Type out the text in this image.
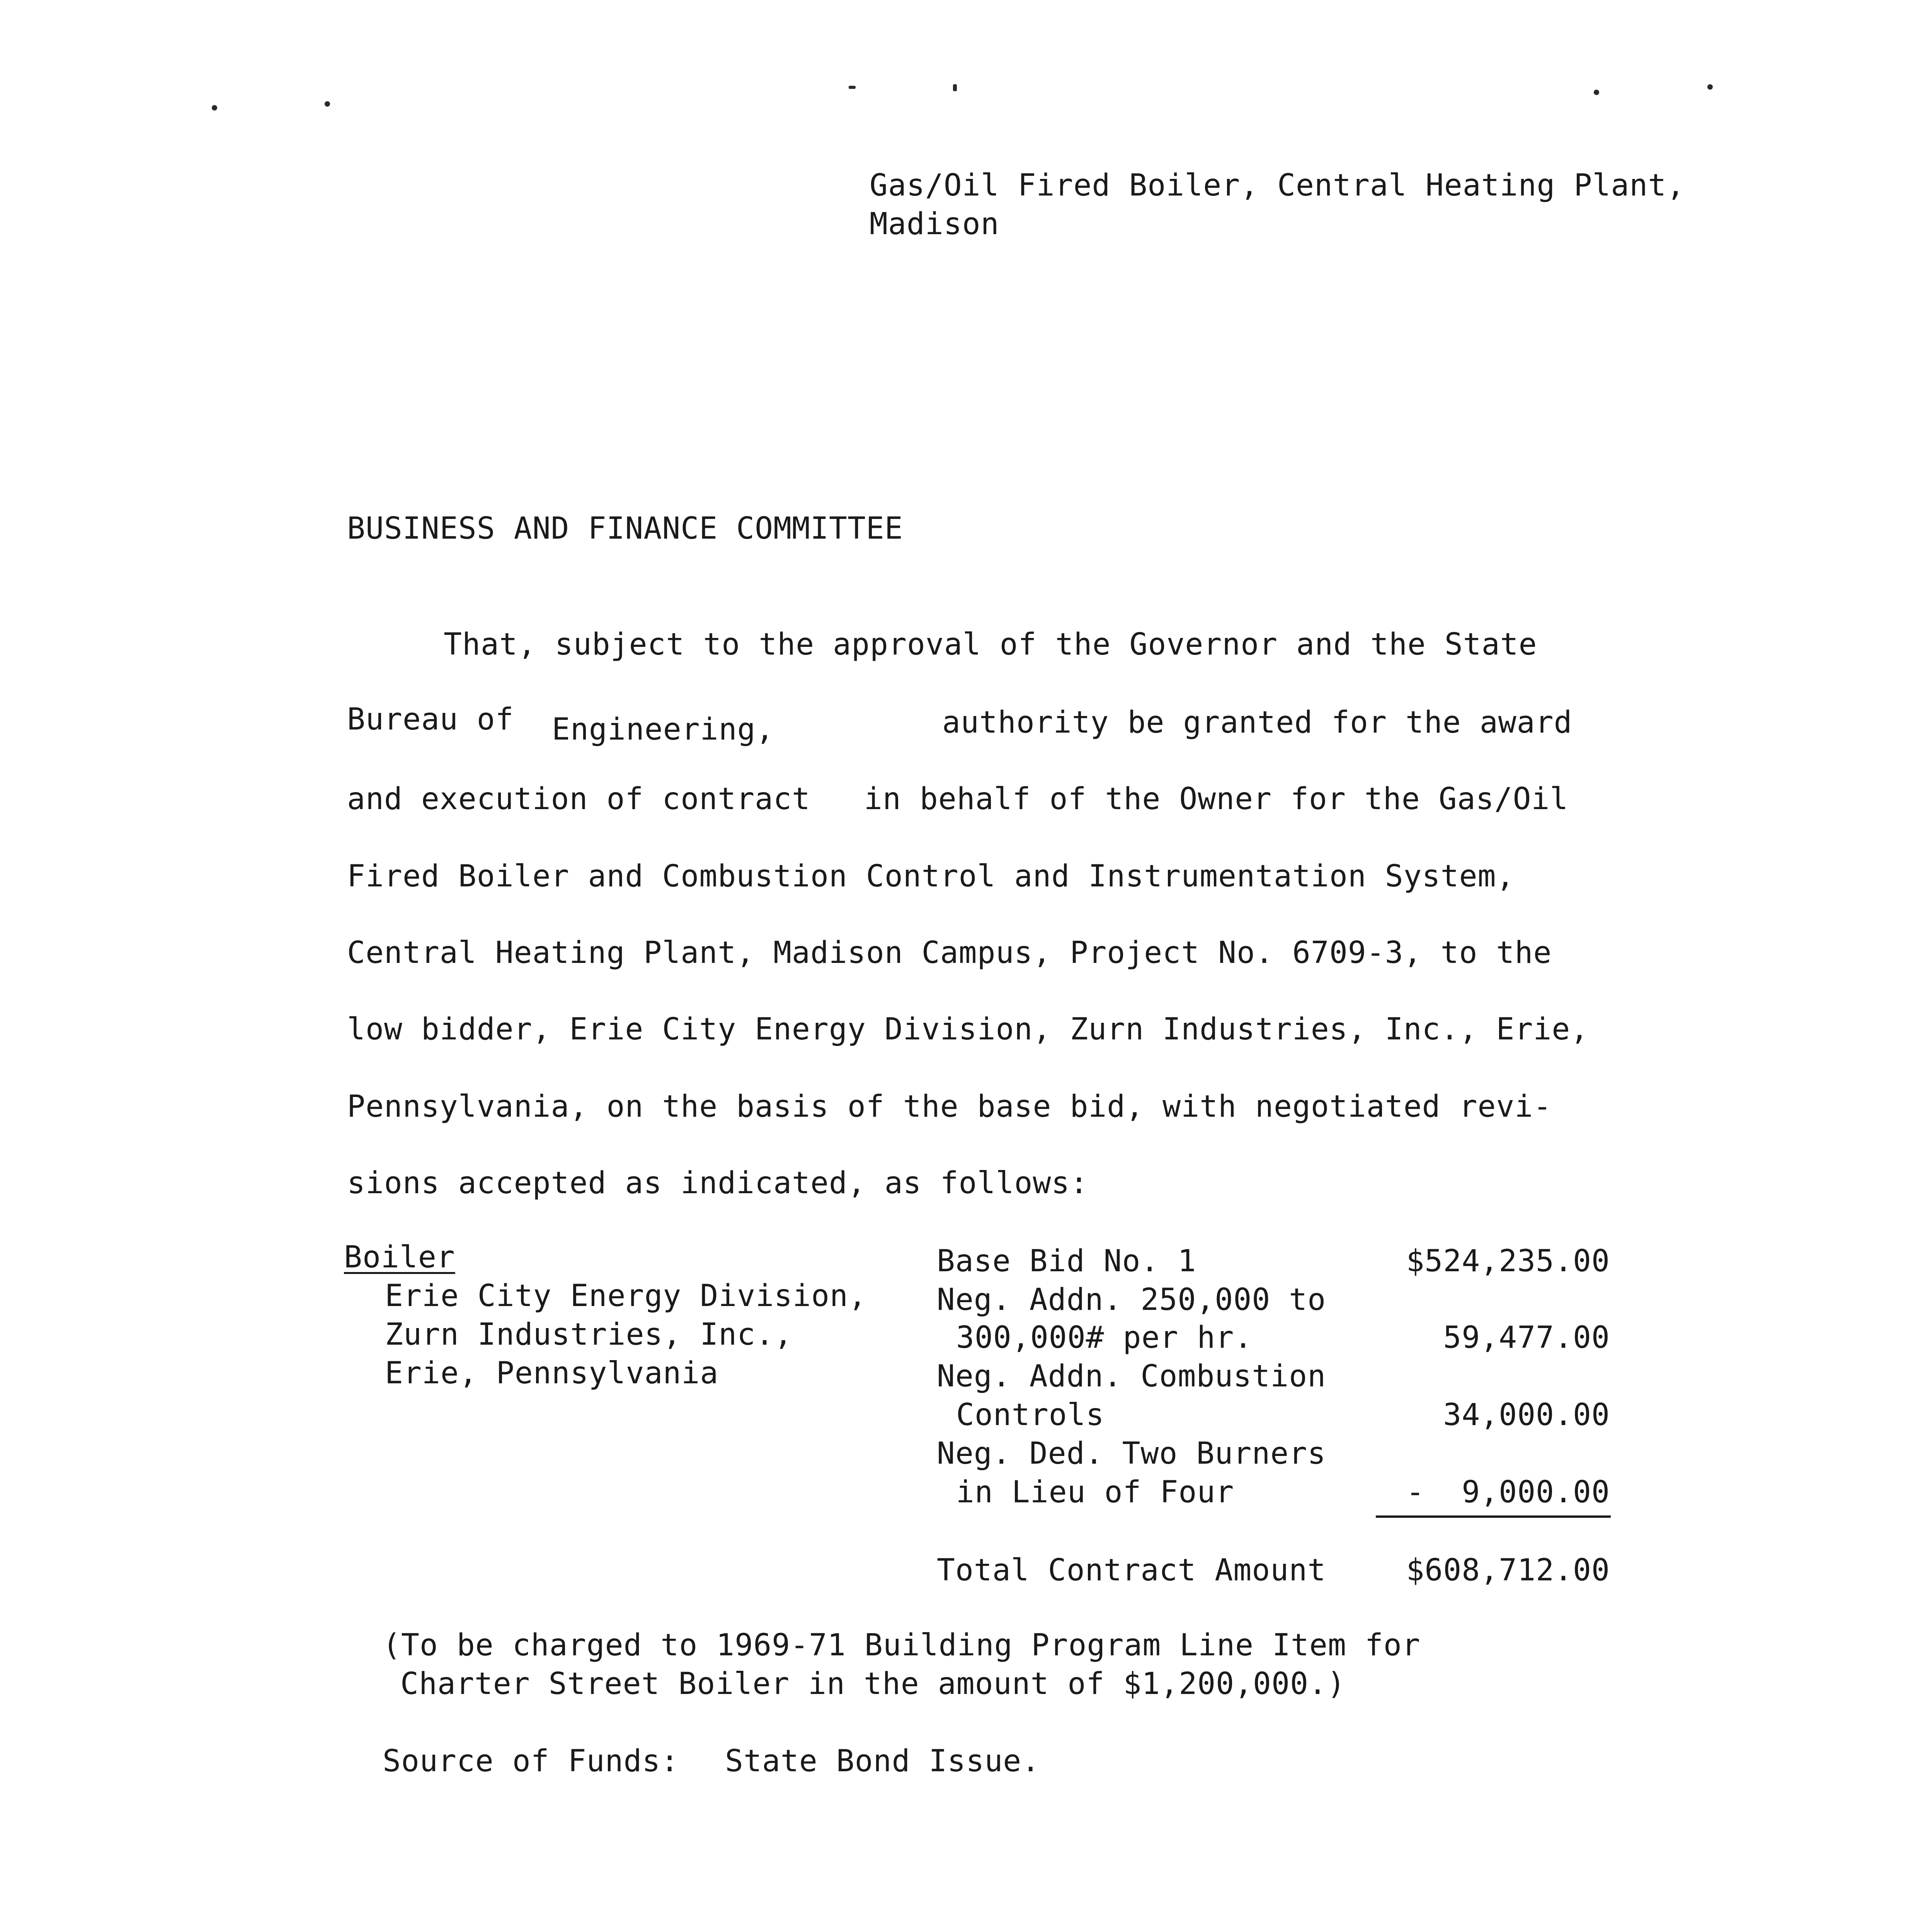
Gas/Oil Fired Boiler, Central Heating Plant,
Madison
BUSINESS AND FINANCE COMMITTEE
That, subject to the approval of the Governor and the State
Bureau of Engineering,	authority be granted for the award
and execution of contract in behalf of the Owner for the Gas/Oil
Fired Boiler and Combustion Control and Instrumentation System,
Central Heating Plant, Madison Campus, Project No. 6709-3, to the
low bidder, Erie City Energy Division, Zurn Industries, Inc., Erie,
Pennsylvania, on the basis of the base bid, with negotiated revi-
sions accepted as indicated, as follows:
Boiler
Erie City Energy Division,
Zurn Industries, Inc.,
Erie, Pennsylvania
Base Bid No. 1
Neg. Addn. 250,000 to
300,000# per hr.
Neg. Addn. Combustion
Controls
Neg. Ded. Two Burners
in Lieu of Four
Total Contract Amount
$524,235.00
59,477.00
34,000.00
-  9,000.00
$608,712.00
(To be charged to 1969-71 Building Program Line Item for
Charter Street Boiler in the amount of $1,200,000.)
Source of Funds: State Bond Issue.
